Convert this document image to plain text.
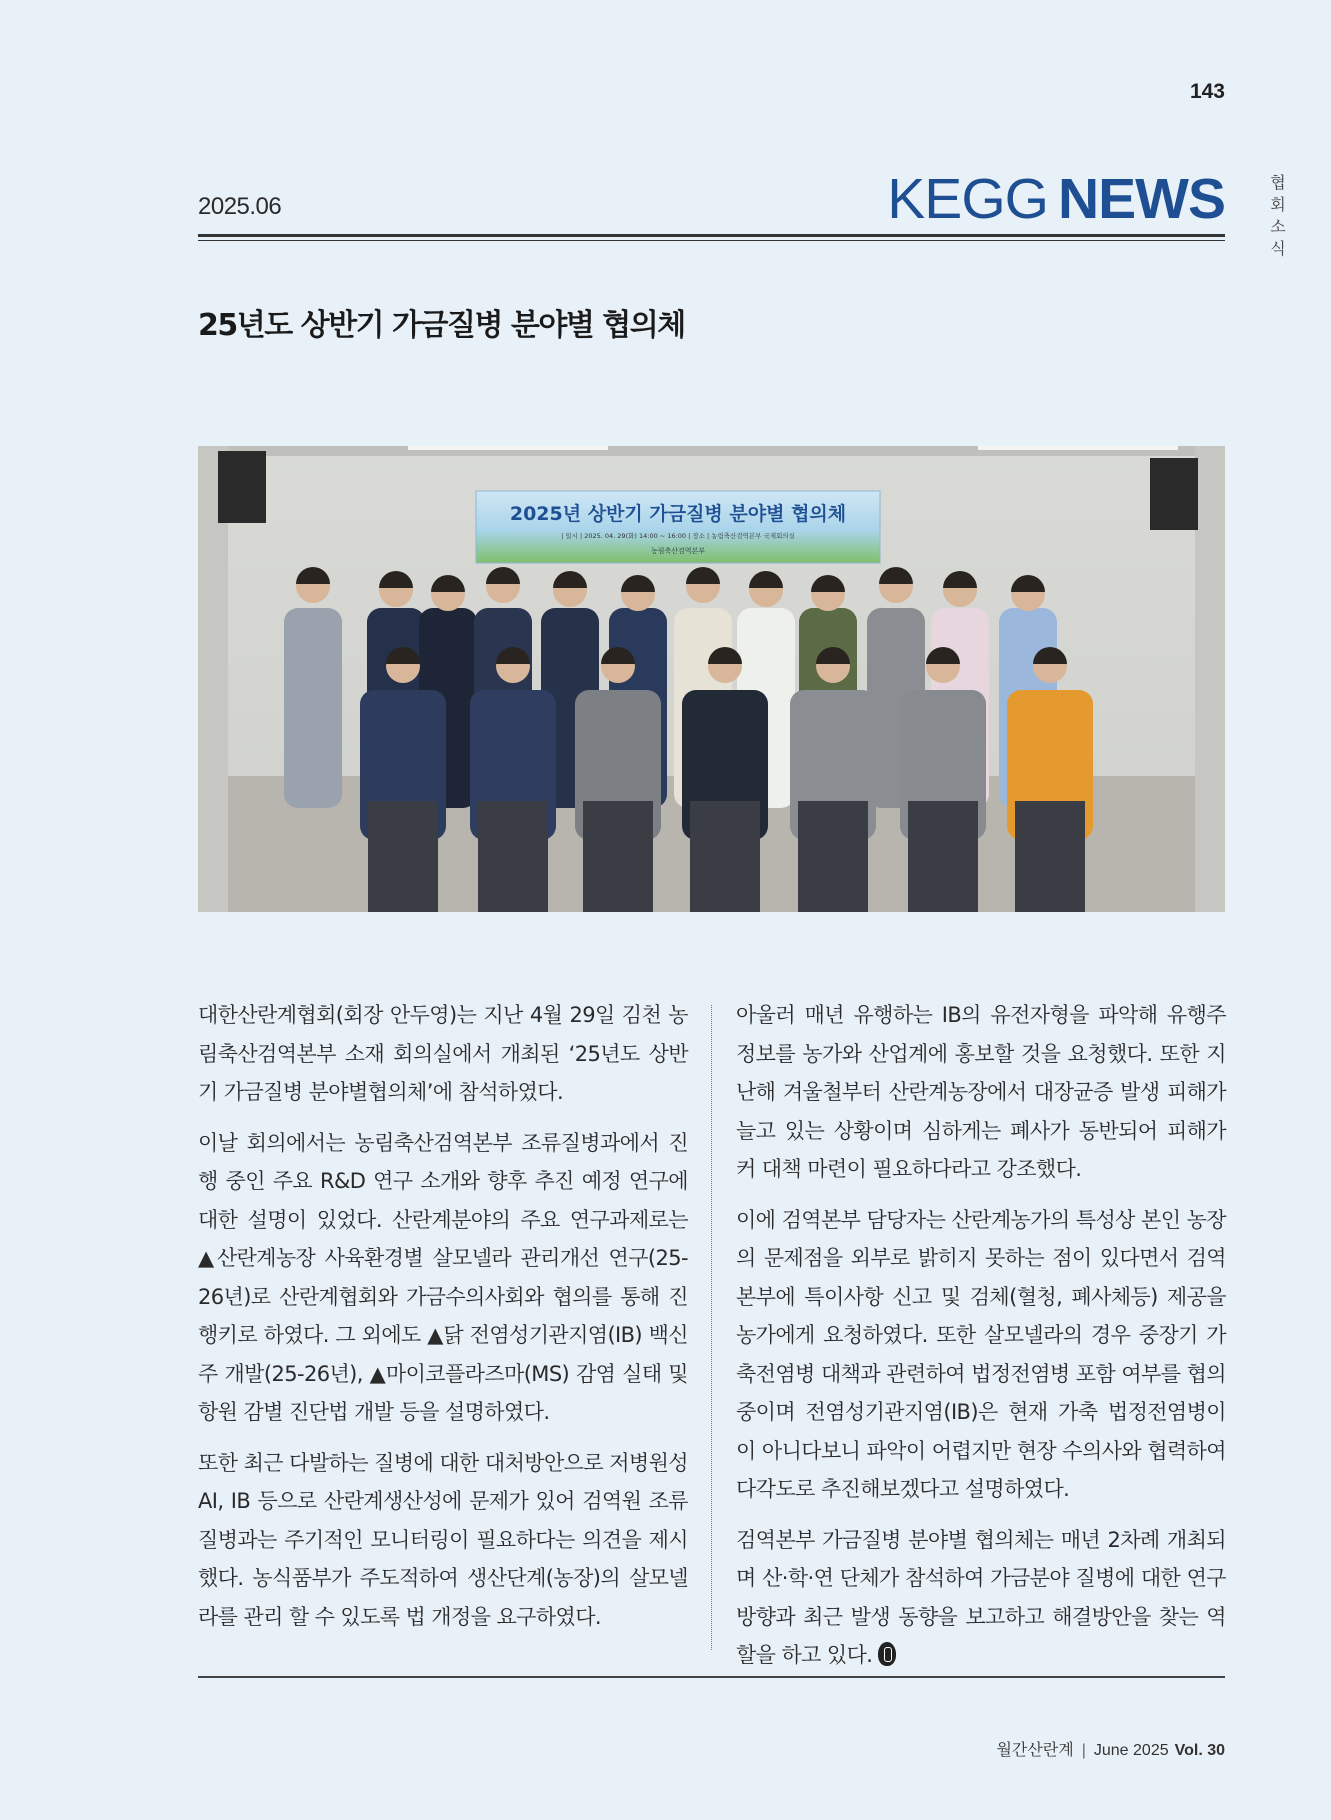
143
협회 소식
2025.06	KEGG NEWS
25년도 상반기 가금질병 분야별 협의체
2025년 상반기 가금질병 분야별 협의체
| 일시 | 2025. 04. 29(화) 14:00 ~ 16:00 | 장소 | 농림축산검역본부 국제회의실
농림축산검역본부

대한산란계협회(회장 안두영)는 지난 4월 29일 김천 농림축산검역본부 소재 회의실에서 개최된 ‘25년도 상반기 가금질병 분야별협의체’에 참석하였다.

이날 회의에서는 농림축산검역본부 조류질병과에서 진행 중인 주요 R&D 연구 소개와 향후 추진 예정 연구에 대한 설명이 있었다. 산란계분야의 주요 연구과제로는 ▲산란계농장 사육환경별 살모넬라 관리개선 연구(25-26년)로 산란계협회와 가금수의사회와 협의를 통해 진행키로 하였다. 그 외에도 ▲닭 전염성기관지염(IB) 백신주 개발(25-26년), ▲마이코플라즈마(MS) 감염 실태 및 항원 감별 진단법 개발 등을 설명하였다.

또한 최근 다발하는 질병에 대한 대처방안으로 저병원성 AI, IB 등으로 산란계생산성에 문제가 있어 검역원 조류질병과는 주기적인 모니터링이 필요하다는 의견을 제시했다. 농식품부가 주도적하여 생산단계(농장)의 살모넬라를 관리 할 수 있도록 법 개정을 요구하였다.

아울러 매년 유행하는 IB의 유전자형을 파악해 유행주 정보를 농가와 산업계에 홍보할 것을 요청했다. 또한 지난해 겨울철부터 산란계농장에서 대장균증 발생 피해가 늘고 있는 상황이며 심하게는 폐사가 동반되어 피해가 커 대책 마련이 필요하다라고 강조했다.

이에 검역본부 담당자는 산란계농가의 특성상 본인 농장의 문제점을 외부로 밝히지 못하는 점이 있다면서 검역본부에 특이사항 신고 및 검체(혈청, 폐사체등) 제공을 농가에게 요청하였다. 또한 살모넬라의 경우 중장기 가축전염병 대책과 관련하여 법정전염병 포함 여부를 협의 중이며 전염성기관지염(IB)은 현재 가축 법정전염병이이 아니다보니 파악이 어렵지만 현장 수의사와 협력하여 다각도로 추진해보겠다고 설명하였다.

검역본부 가금질병 분야별 협의체는 매년 2차례 개최되며 산·학·연 단체가 참석하여 가금분야 질병에 대한 연구방향과 최근 발생 동향을 보고하고 해결방안을 찾는 역할을 하고 있다.

월간산란계 | June 2025 Vol. 30
